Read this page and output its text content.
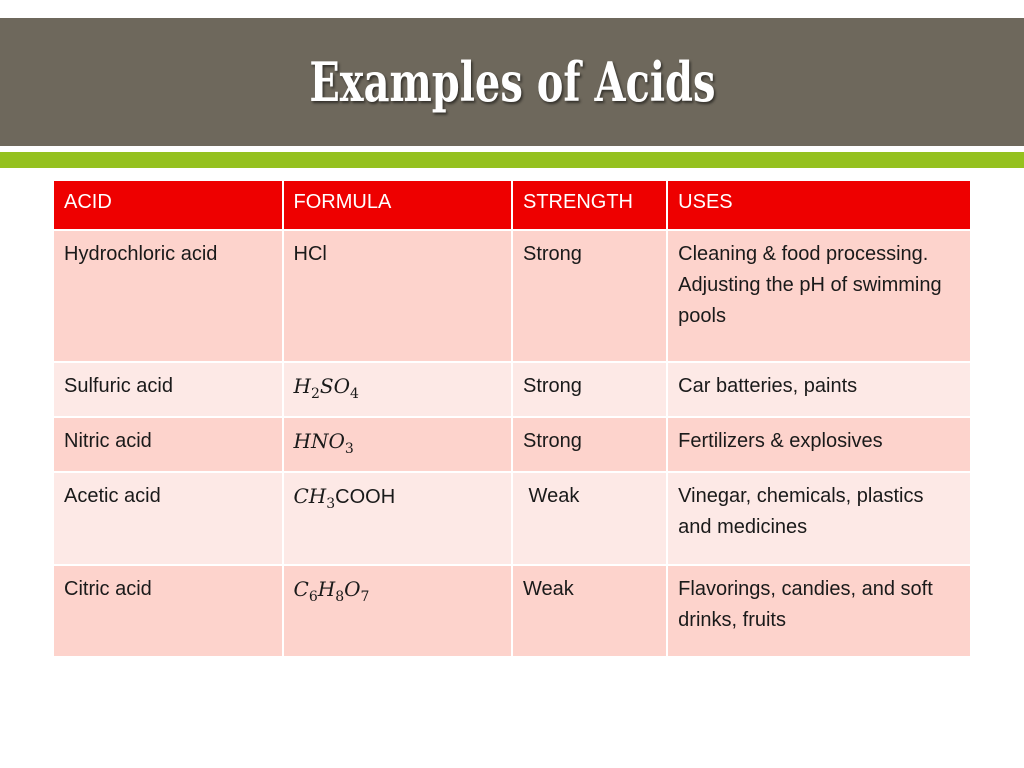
Examples of Acids
ACID	FORMULA	STRENGTH	USES
Hydrochloric acid	HCl	Strong	Cleaning & food processing. Adjusting the pH of swimming pools
Sulfuric acid	$H_2SO_4$	Strong	Car batteries, paints
Nitric acid	$HNO_3$	Strong	Fertilizers & explosives
Acetic acid	$CH_3COOH$	Weak	Vinegar, chemicals, plastics and medicines
Citric acid	$C_6H_8O_7$	Weak	Flavorings, candies, and soft drinks, fruits
